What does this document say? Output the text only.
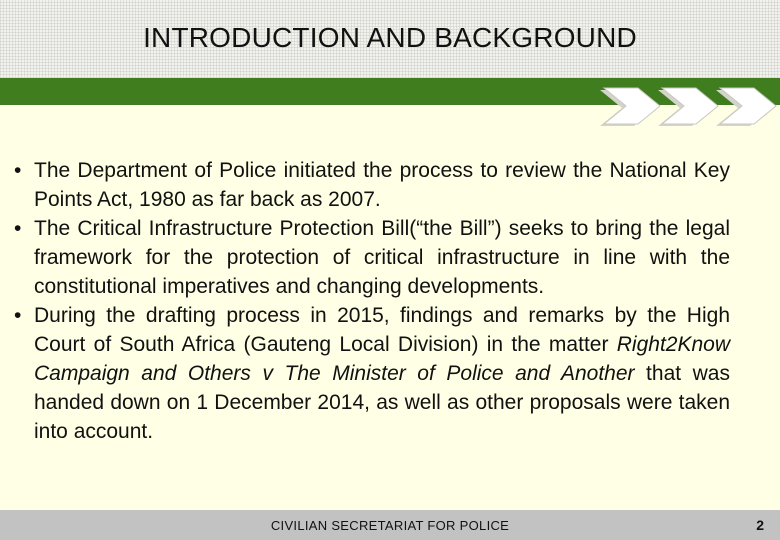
INTRODUCTION AND BACKGROUND

• The Department of Police initiated the process to review the National Key Points Act, 1980 as far back as 2007.

• The Critical Infrastructure Protection Bill(“the Bill”) seeks to bring the legal framework for the protection of critical infrastructure in line with the constitutional imperatives and changing developments.

• During the drafting process in 2015, findings and remarks by the High Court of South Africa (Gauteng Local Division) in the matter Right2Know Campaign and Others v The Minister of Police and Another that was handed down on 1 December 2014, as well as other proposals were taken into account.

CIVILIAN SECRETARIAT FOR POLICE	2
